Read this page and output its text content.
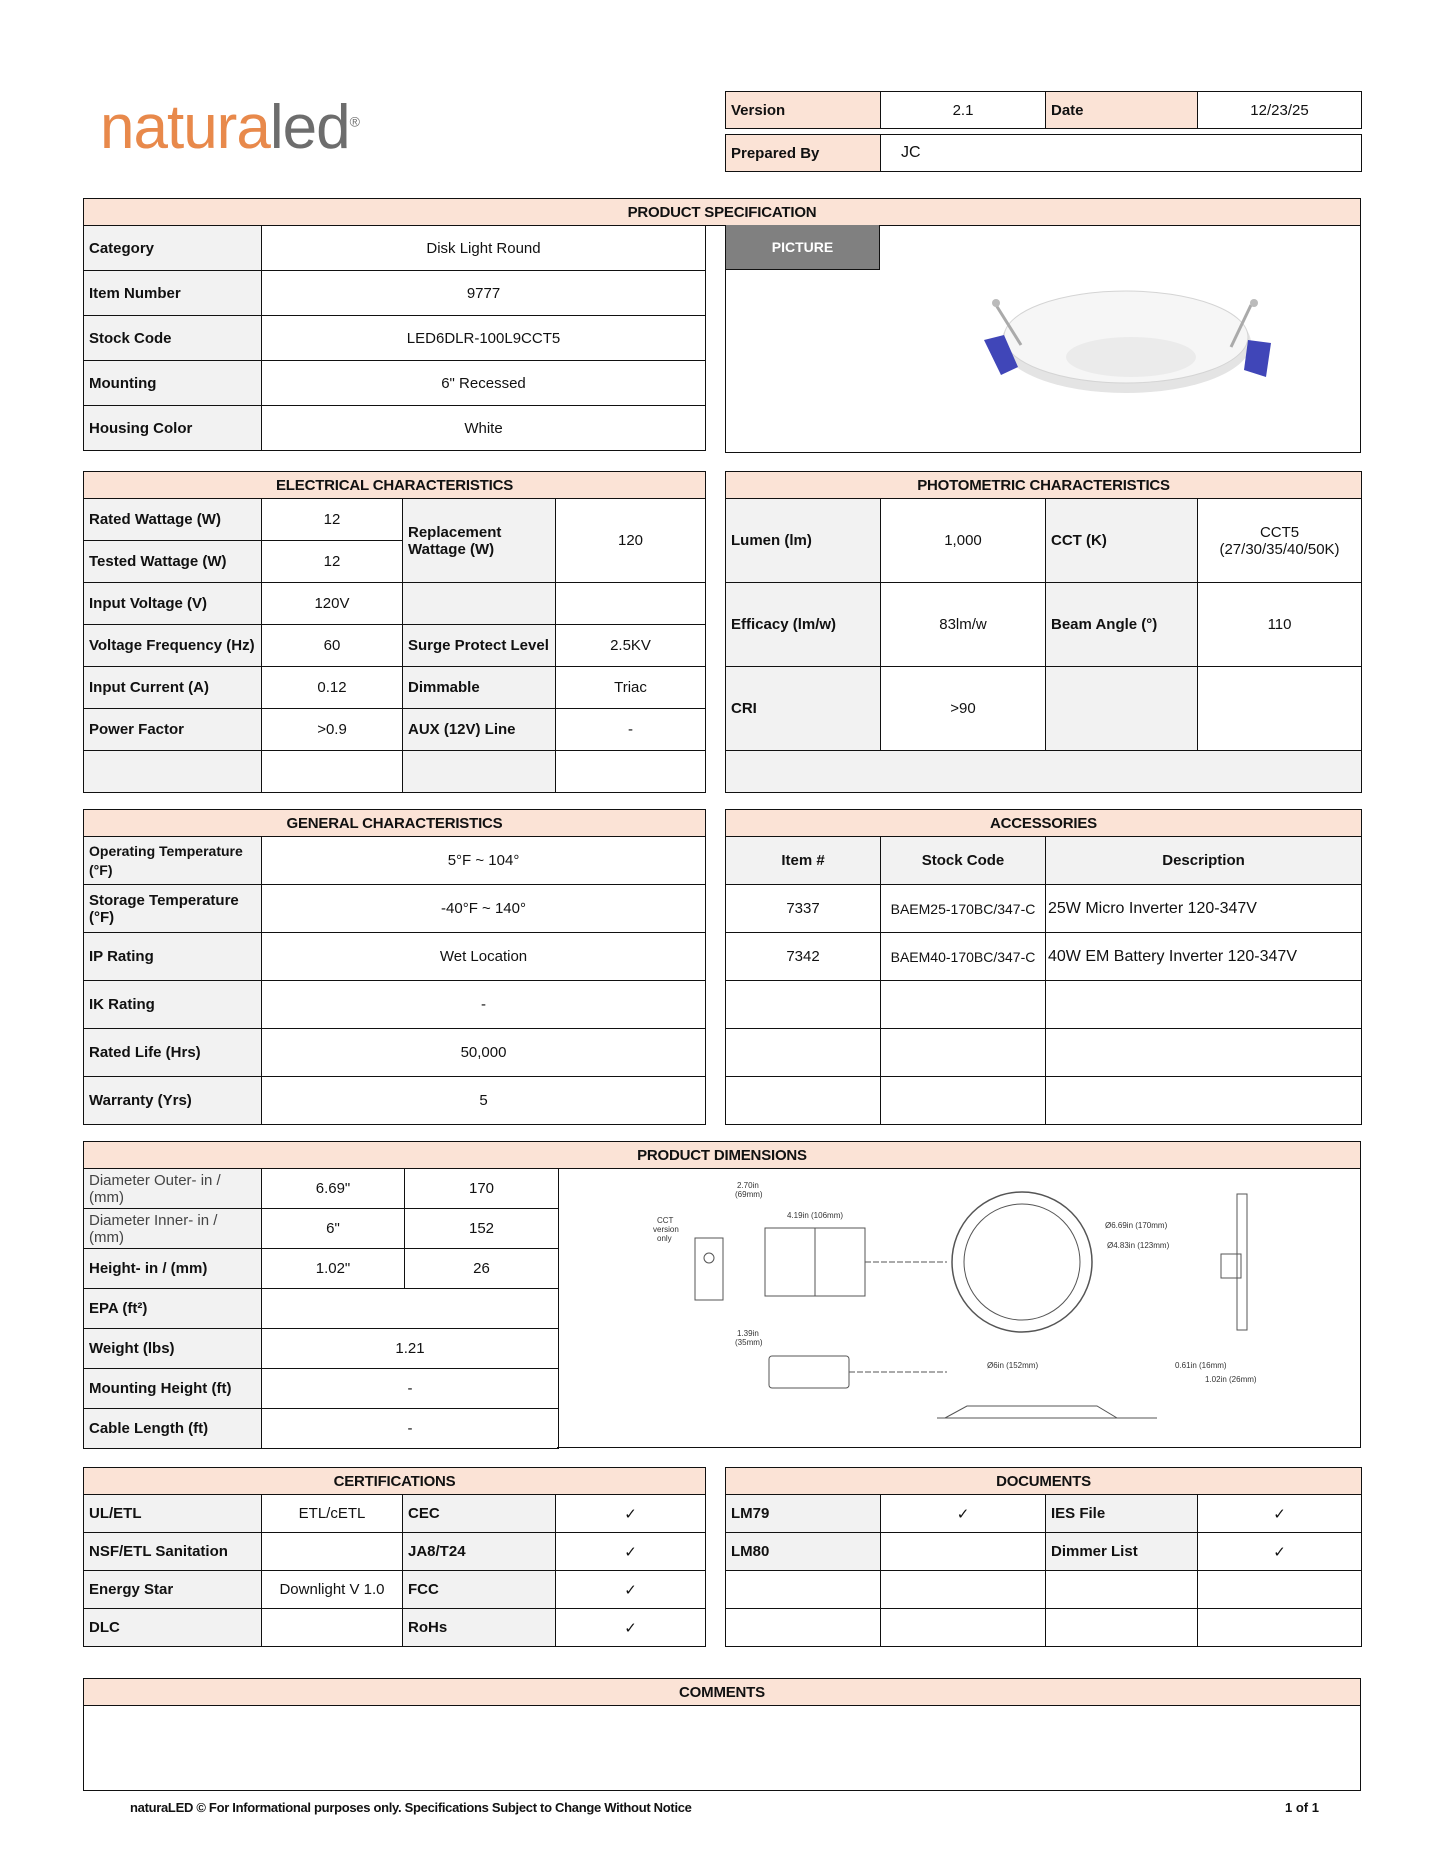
naturaled®
Version	2.1	Date	12/23/25
Prepared By	JC
PRODUCT SPECIFICATION
Category	Disk Light Round
Item Number	9777
Stock Code	LED6DLR-100L9CCT5
Mounting	6" Recessed
Housing Color	White
PICTURE
ELECTRICAL CHARACTERISTICS			
Rated Wattage (W)	12	Replacement Wattage (W)	120
Tested Wattage (W)	12		
Input Voltage (V)	120V		
Voltage Frequency (Hz)	60	Surge Protect Level	2.5KV
Input Current (A)	0.12	Dimmable	Triac
Power Factor	>0.9	AUX (12V) Line	-

PHOTOMETRIC CHARACTERISTICS			
Lumen (lm)	1,000	CCT (K)	CCT5
(27/30/35/40/50K)

Efficacy (lm/w)	83lm/w	Beam Angle (°)	110
CRI	>90		

GENERAL CHARACTERISTICS	
Operating Temperature (°F)	5°F ~ 104°
Storage Temperature (°F)	-40°F ~ 140°
IP Rating	Wet Location
IK Rating	-
Rated Life (Hrs)	50,000
Warranty (Yrs)	5
ACCESSORIES		
Item #	Stock Code	Description
7337	BAEM25-170BC/347-C	25W Micro Inverter 120-347V
7342	BAEM40-170BC/347-C	40W EM Battery Inverter 120-347V

PRODUCT DIMENSIONS
Diameter Outer- in / (mm)	6.69"	170
Diameter Inner- in / (mm)	6"	152
Height- in / (mm)	1.02"	26
EPA (ft²)		
Weight (lbs)	1.21	
Mounting Height (ft)	-	
Cable Length (ft)	-	
2.70in
(69mm)
4.19in (106mm)
CCT
version
only
Ø6.69in (170mm)
Ø4.83in (123mm)
1.39in
(35mm)
Ø6in (152mm)	0.61in (16mm)
1.02in (26mm)
CERTIFICATIONS			
UL/ETL	ETL/cETL	CEC	✓
NSF/ETL Sanitation		JA8/T24	✓
Energy Star	Downlight V 1.0	FCC	✓
DLC		RoHs	✓
DOCUMENTS			
LM79	✓	IES File	✓
LM80		Dimmer List	✓

COMMENTS

naturaLED © For Informational purposes only. Specifications Subject to Change Without Notice	1 of 1
